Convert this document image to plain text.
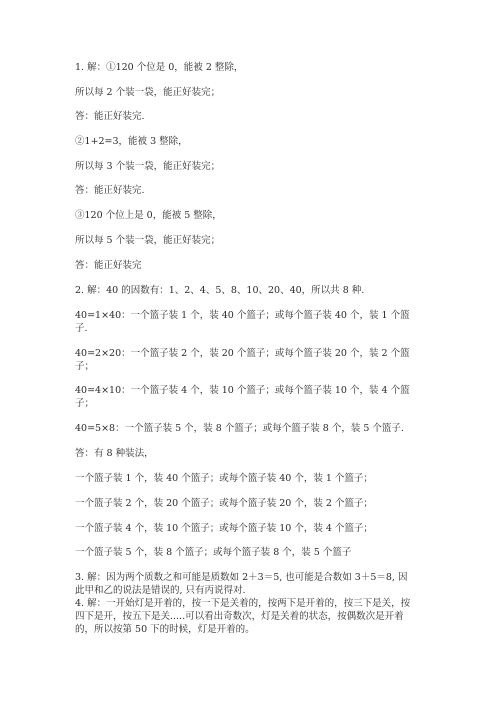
1. 解：①120 个位是 0，能被 2 整除，

所以每 2 个装一袋，能正好装完；

答：能正好装完.

②1+2=3，能被 3 整除，

所以每 3 个装一袋，能正好装完；

答：能正好装完.

③120 个位上是 0，能被 5 整除，

所以每 5 个装一袋，能正好装完；

答：能正好装完

2. 解：40 的因数有：1、2、4、5、8、10、20、40，所以共 8 种.

40=1×40：一个篮子装 1 个，装 40 个篮子；或每个篮子装 40 个，装 1 个篮子.

40=2×20：一个篮子装 2 个，装 20 个篮子；或每个篮子装 20 个，装 2 个篮子；

40=4×10：一个篮子装 4 个，装 10 个篮子；或每个篮子装 10 个，装 4 个篮子；

40=5×8：一个篮子装 5 个，装 8 个篮子；或每个篮子装 8 个，装 5 个篮子.

答：有 8 种装法，

一个篮子装 1 个，装 40 个篮子；或每个篮子装 40 个，装 1 个篮子；

一个篮子装 2 个，装 20 个篮子；或每个篮子装 20 个，装 2 个篮子；

一个篮子装 4 个，装 10 个篮子；或每个篮子装 10 个，装 4 个篮子；

一个篮子装 5 个，装 8 个篮子；或每个篮子装 8 个，装 5 个篮子

3. 解：因为两个质数之和可能是质数如 2＋3＝5, 也可能是合数如 3＋5＝8, 因此甲和乙的说法是错误的, 只有丙说得对.

4. 解：一开始灯是开着的，按一下是关着的，按两下是开着的，按三下是关，按四下是开，按五下是关.....可以看出奇数次，灯是关着的状态，按偶数次是开着的，所以按第 50 下的时候，灯是开着的。
